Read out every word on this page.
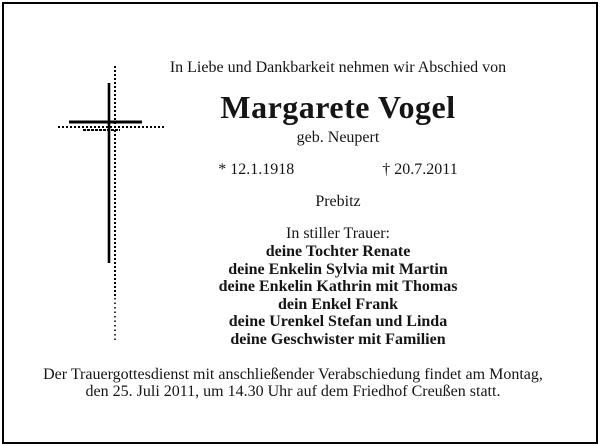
In Liebe und Dankbarkeit nehmen wir Abschied von
Margarete Vogel
geb. Neupert
* 12.1.1918	† 20.7.2011
Prebitz
In stiller Trauer:
deine Tochter Renate
deine Enkelin Sylvia mit Martin
deine Enkelin Kathrin mit Thomas
dein Enkel Frank
deine Urenkel Stefan und Linda
deine Geschwister mit Familien
Der Trauergottesdienst mit anschließender Verabschiedung findet am Montag,
den 25. Juli 2011, um 14.30 Uhr auf dem Friedhof Creußen statt.
